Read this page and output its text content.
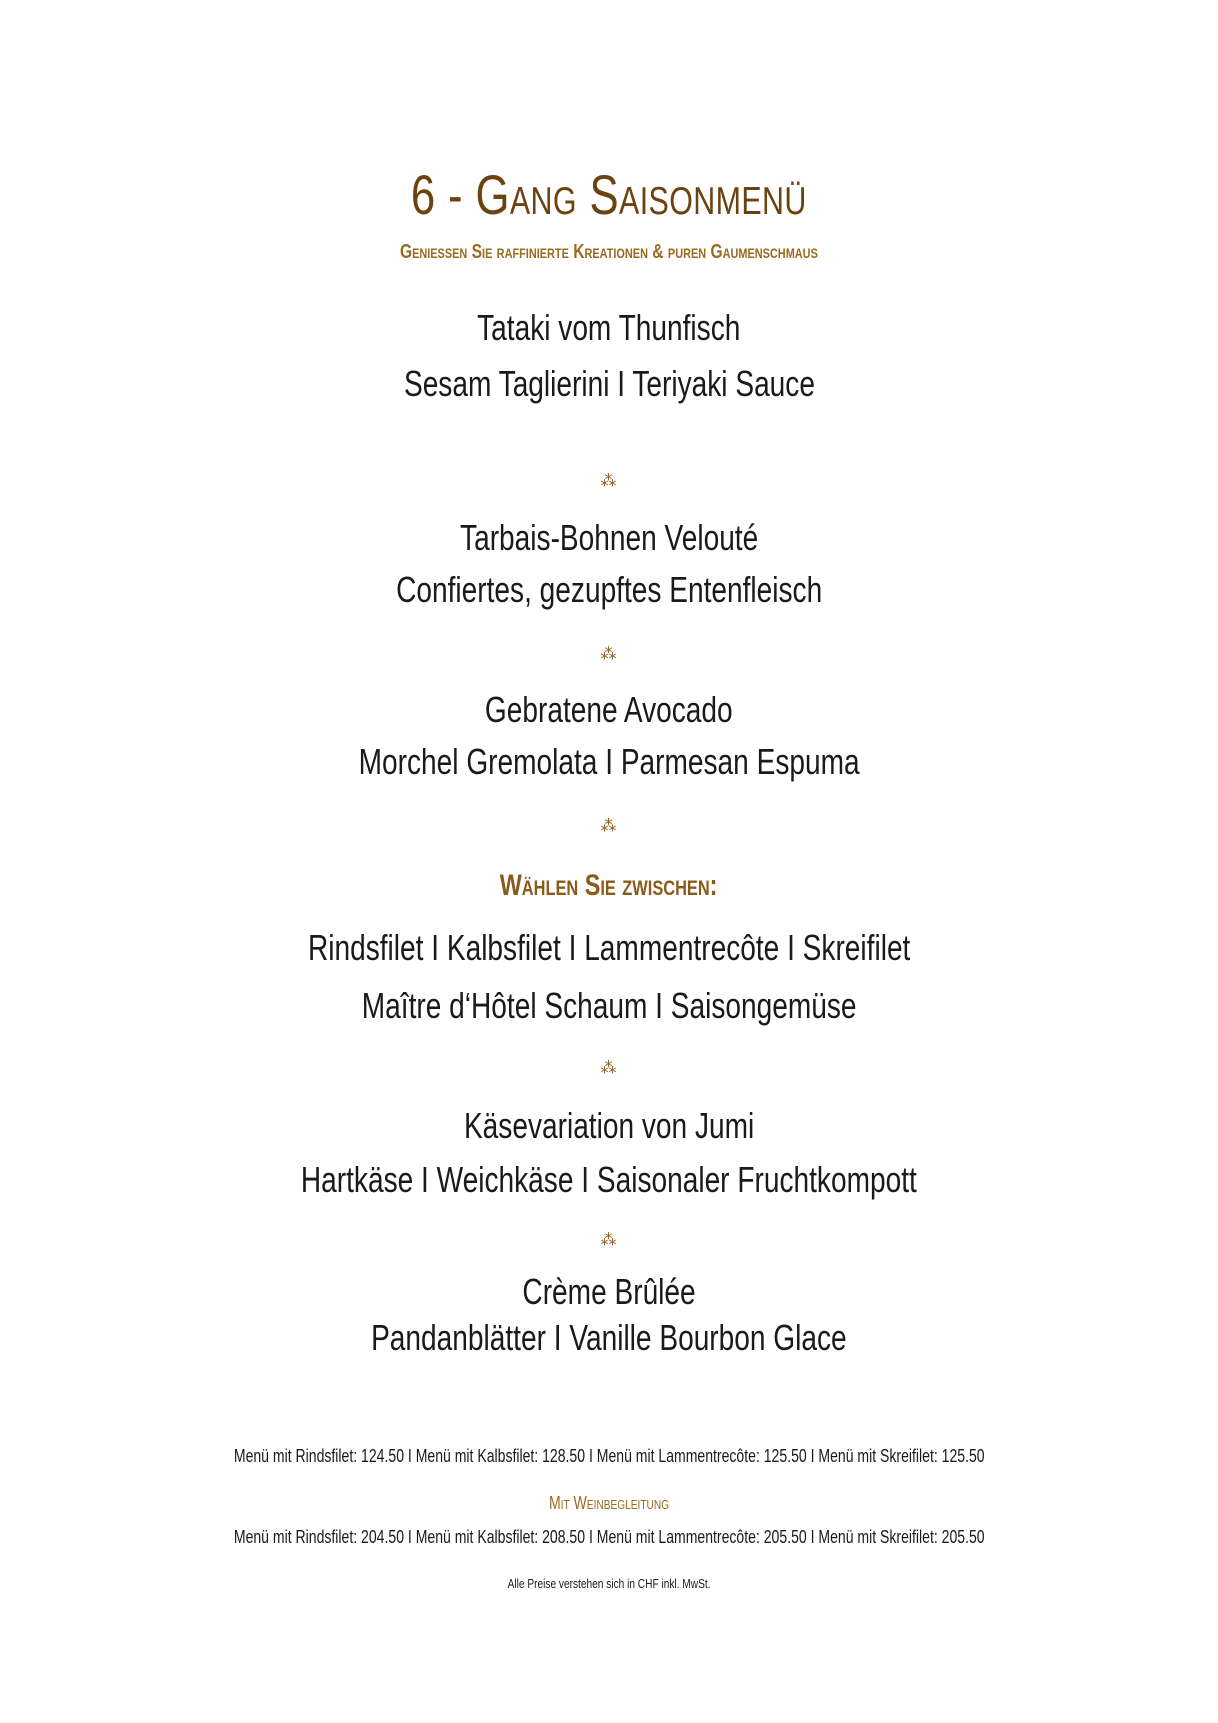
6 - Gang Saisonmenü
Geniessen Sie raffinierte Kreationen & puren Gaumenschmaus
Tataki vom Thunfisch
Sesam Taglierini I Teriyaki Sauce
⁂
Tarbais-Bohnen Velouté
Confiertes, gezupftes Entenfleisch
⁂
Gebratene Avocado
Morchel Gremolata I Parmesan Espuma
⁂
Wählen Sie zwischen:
Rindsfilet I Kalbsfilet I Lammentrecôte I Skreifilet
Maître d‘Hôtel Schaum I Saisongemüse
⁂
Käsevariation von Jumi
Hartkäse I Weichkäse I Saisonaler Fruchtkompott
⁂
Crème Brûlée
Pandanblätter I Vanille Bourbon Glace
Menü mit Rindsfilet: 124.50 I Menü mit Kalbsfilet: 128.50 I Menü mit Lammentrecôte: 125.50 I Menü mit Skreifilet: 125.50
Mit Weinbegleitung
Menü mit Rindsfilet: 204.50 I Menü mit Kalbsfilet: 208.50 I Menü mit Lammentrecôte: 205.50 I Menü mit Skreifilet: 205.50
Alle Preise verstehen sich in CHF inkl. MwSt.
